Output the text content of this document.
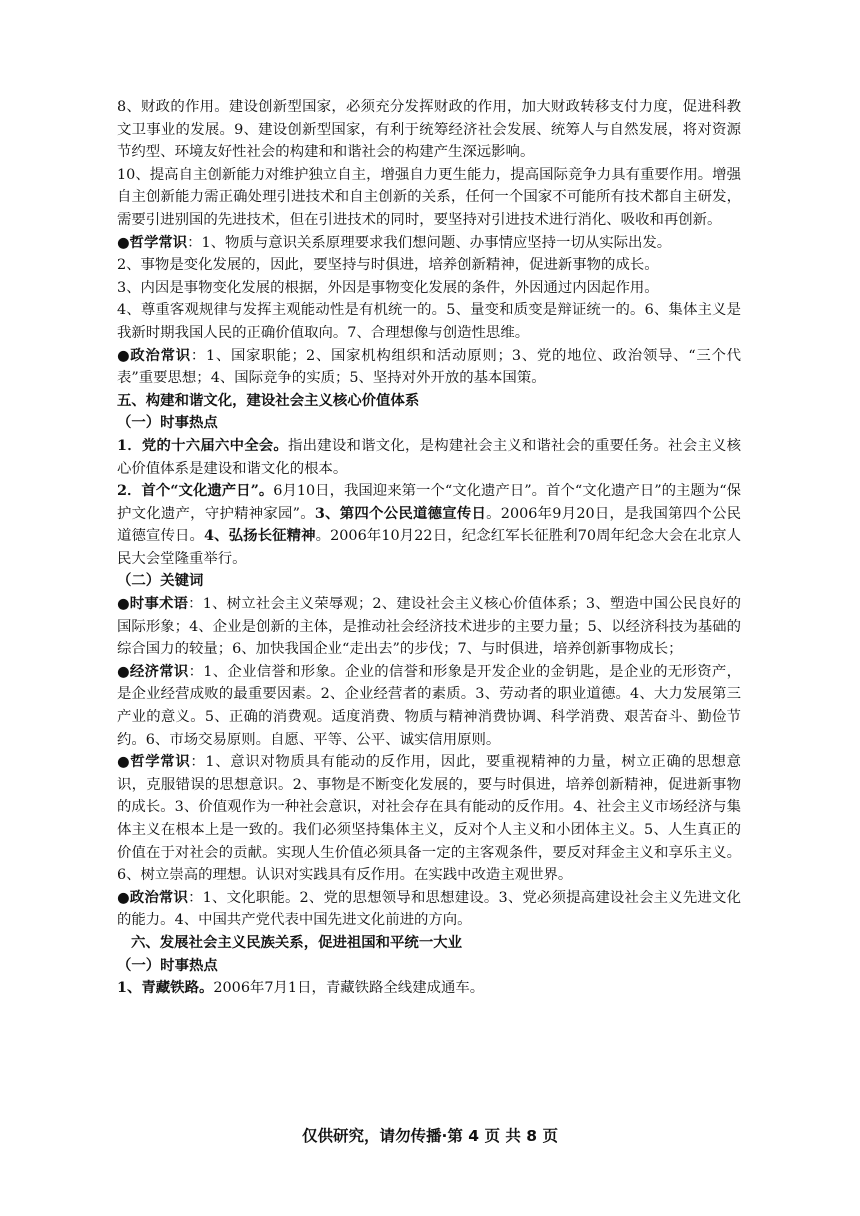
8、财政的作用。建设创新型国家，必须充分发挥财政的作用，加大财政转移支付力度，促进科教文卫事业的发展。9、建设创新型国家，有利于统筹经济社会发展、统筹人与自然发展，将对资源节约型、环境友好性社会的构建和和谐社会的构建产生深远影响。

10、提高自主创新能力对维护独立自主，增强自力更生能力，提高国际竞争力具有重要作用。增强自主创新能力需正确处理引进技术和自主创新的关系，任何一个国家不可能所有技术都自主研发，需要引进别国的先进技术，但在引进技术的同时，要坚持对引进技术进行消化、吸收和再创新。

●哲学常识：1、物质与意识关系原理要求我们想问题、办事情应坚持一切从实际出发。

2、事物是变化发展的，因此，要坚持与时俱进，培养创新精神，促进新事物的成长。

3、内因是事物变化发展的根据，外因是事物变化发展的条件，外因通过内因起作用。

4、尊重客观规律与发挥主观能动性是有机统一的。5、量变和质变是辩证统一的。6、集体主义是我新时期我国人民的正确价值取向。7、合理想像与创造性思维。

●政治常识：1、国家职能；2、国家机构组织和活动原则；3、党的地位、政治领导、“三个代表”重要思想；4、国际竞争的实质；5、坚持对外开放的基本国策。

五、构建和谐文化，建设社会主义核心价值体系

（一）时事热点

1．党的十六届六中全会。指出建设和谐文化，是构建社会主义和谐社会的重要任务。社会主义核心价值体系是建设和谐文化的根本。

2．首个“文化遗产日”。6月10日，我国迎来第一个“文化遗产日”。首个“文化遗产日”的主题为“保护文化遗产，守护精神家园”。3、第四个公民道德宣传日。2006年9月20日，是我国第四个公民道德宣传日。4、弘扬长征精神。2006年10月22日，纪念红军长征胜利70周年纪念大会在北京人民大会堂隆重举行。

（二）关键词

●时事术语：1、树立社会主义荣辱观；2、建设社会主义核心价值体系；3、塑造中国公民良好的国际形象；4、企业是创新的主体，是推动社会经济技术进步的主要力量；5、以经济科技为基础的综合国力的较量；6、加快我国企业“走出去”的步伐；7、与时俱进，培养创新事物成长；

●经济常识：1、企业信誉和形象。企业的信誉和形象是开发企业的金钥匙，是企业的无形资产，是企业经营成败的最重要因素。2、企业经营者的素质。3、劳动者的职业道德。4、大力发展第三产业的意义。5、正确的消费观。适度消费、物质与精神消费协调、科学消费、艰苦奋斗、勤俭节约。6、市场交易原则。自愿、平等、公平、诚实信用原则。

●哲学常识：1、意识对物质具有能动的反作用，因此，要重视精神的力量，树立正确的思想意识，克服错误的思想意识。2、事物是不断变化发展的，要与时俱进，培养创新精神，促进新事物的成长。3、价值观作为一种社会意识，对社会存在具有能动的反作用。4、社会主义市场经济与集体主义在根本上是一致的。我们必须坚持集体主义，反对个人主义和小团体主义。5、人生真正的价值在于对社会的贡献。实现人生价值必须具备一定的主客观条件，要反对拜金主义和享乐主义。6、树立崇高的理想。认识对实践具有反作用。在实践中改造主观世界。

●政治常识：1、文化职能。2、党的思想领导和思想建设。3、党必须提高建设社会主义先进文化的能力。4、中国共产党代表中国先进文化前进的方向。

六、发展社会主义民族关系，促进祖国和平统一大业

（一）时事热点

1、青藏铁路。2006年7月1日，青藏铁路全线建成通车。

仅供研究，请勿传播·第 4 页 共 8 页
